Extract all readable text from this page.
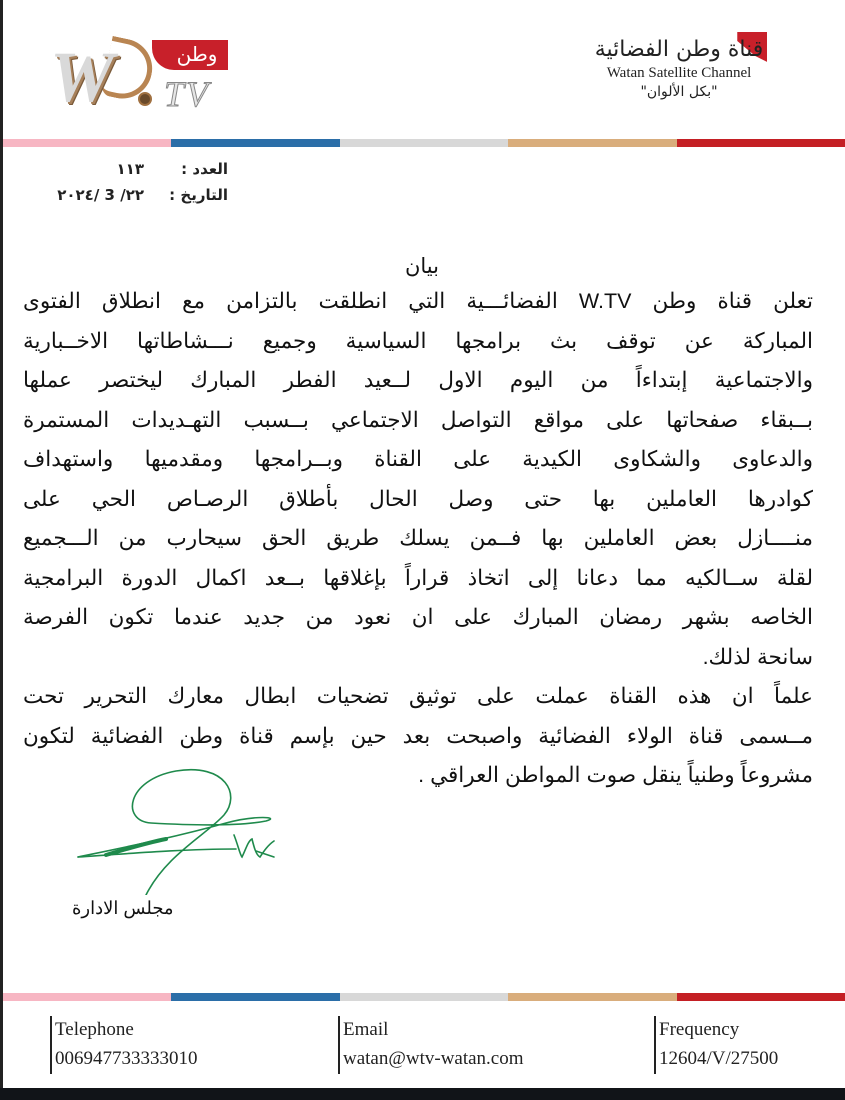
W	وطن
TV
قناة وطن الفضائية
Watan Satellite Channel
"بكل الألوان"
العدد :
١١٣
التاريخ :
٢٢/ 3 /٢٠٢٤
بيان
تعلن قناة وطن W.TV الفضائـــية التي انطلقت بالتزامن مع انطلاق الفتوى
المباركة عن توقف بث برامجها السياسية وجميع نـــشاطاتها الاخــبارية
والاجتماعية إبتداءاً من اليوم الاول لــعيد الفطر المبارك ليختصر عملها
بــبقاء صفحاتها على مواقع التواصل الاجتماعي بــسبب التهـديدات المستمرة
والدعاوى والشكاوى الكيدية على القناة وبــرامجها ومقدميها واستهداف
كوادرها العاملين بها حتى وصل الحال بأطلاق الرصـاص الحي على
منــــازل بعض العاملين بها فــمن يسلك طريق الحق سيحارب من الـــجميع
لقلة ســالكيه مما دعانا إلى اتخاذ قراراً بإغلاقها بــعد اكمال الدورة البرامجية
الخاصه بشهر رمضان المبارك على ان نعود من جديد عندما تكون الفرصة
سانحة لذلك.
علماً ان هذه القناة عملت على توثيق تضحيات ابطال معارك التحرير تحت
مــسمى قناة الولاء الفضائية واصبحت بعد حين بإسم قناة وطن الفضائية لتكون
مشروعاً وطنياً ينقل صوت المواطن العراقي .
مجلس الادارة
Telephone
006947733333010
Email
watan@wtv-watan.com
Frequency
12604/V/27500
